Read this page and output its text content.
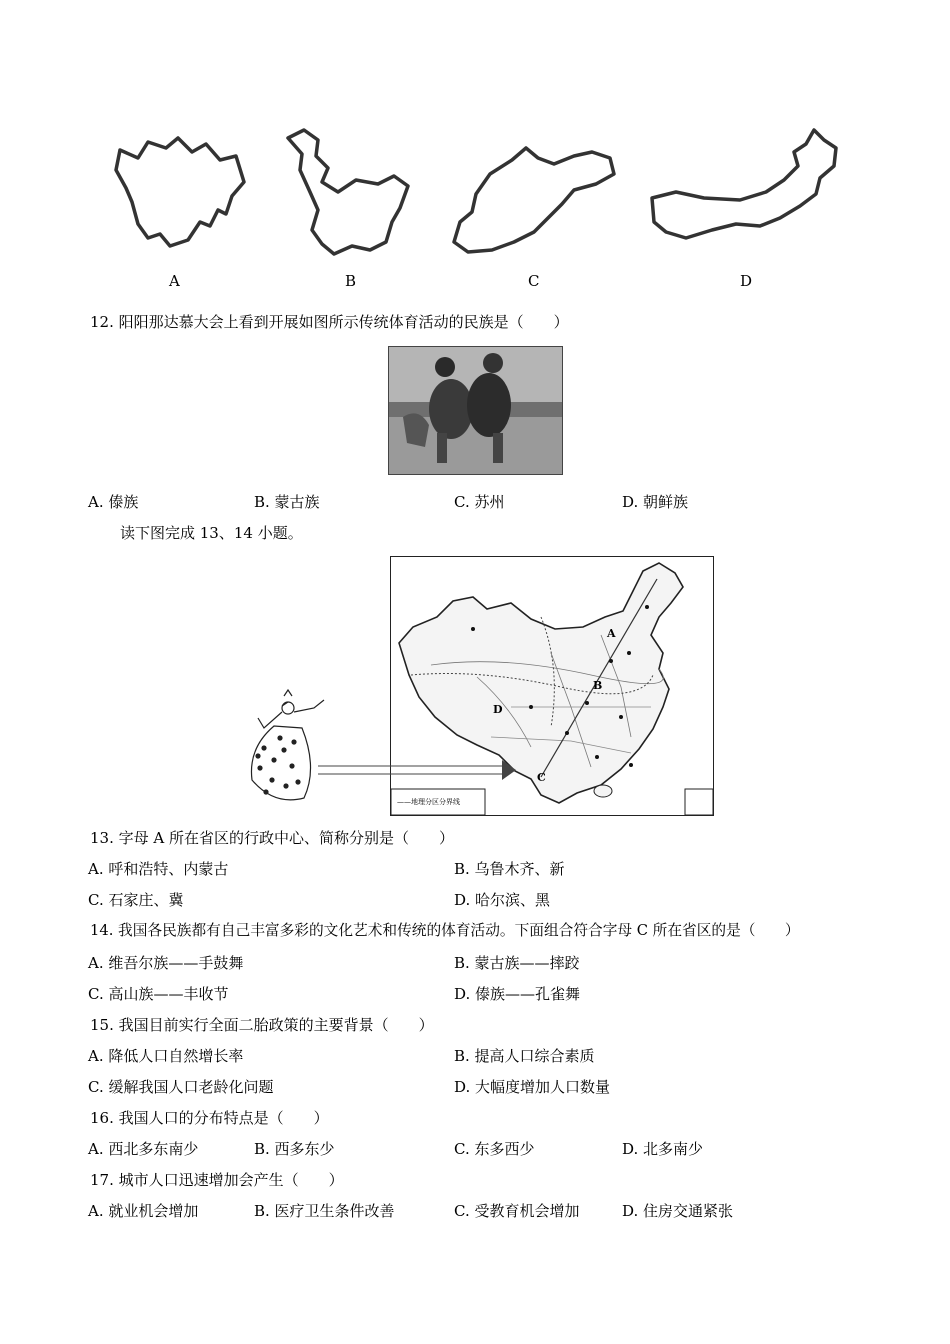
A	B	C	D
12. 阳阳那达慕大会上看到开展如图所示传统体育活动的民族是（　　）
A. 傣族	B. 蒙古族	C. 苏州	D. 朝鲜族
读下图完成 13、14 小题。
A
B
C
D
——地理分区分界线
13. 字母 A 所在省区的行政中心、简称分别是（　　）
A. 呼和浩特、内蒙古	B. 乌鲁木齐、新
C. 石家庄、冀	D. 哈尔滨、黑
14. 我国各民族都有自己丰富多彩的文化艺术和传统的体育活动。下面组合符合字母 C 所在省区的是（　　）
A. 维吾尔族——手鼓舞	B. 蒙古族——摔跤
C. 高山族——丰收节	D. 傣族——孔雀舞
15. 我国目前实行全面二胎政策的主要背景（　　）
A. 降低人口自然增长率	B. 提高人口综合素质
C. 缓解我国人口老龄化问题	D. 大幅度增加人口数量
16. 我国人口的分布特点是（　　）
A. 西北多东南少	B. 西多东少	C. 东多西少	D. 北多南少
17. 城市人口迅速增加会产生（　　）
A. 就业机会增加	B. 医疗卫生条件改善	C. 受教育机会增加	D. 住房交通紧张
